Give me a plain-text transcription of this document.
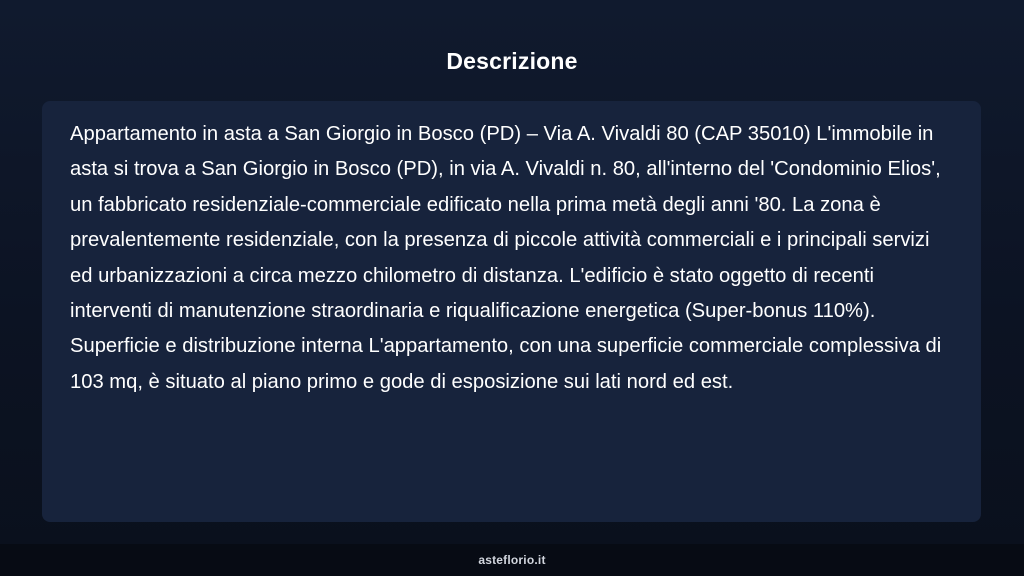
Descrizione

Appartamento in asta a San Giorgio in Bosco (PD) – Via A. Vivaldi 80 (CAP 35010) L'immobile in asta si trova a San Giorgio in Bosco (PD), in via A. Vivaldi n. 80, all'interno del 'Condominio Elios', un fabbricato residenziale-commerciale edificato nella prima metà degli anni '80. La zona è prevalentemente residenziale, con la presenza di piccole attività commerciali e i principali servizi ed urbanizzazioni a circa mezzo chilometro di distanza. L'edificio è stato oggetto di recenti interventi di manutenzione straordinaria e riqualificazione energetica (Super-bonus 110%). Superficie e distribuzione interna L'appartamento, con una superficie commerciale complessiva di 103 mq, è situato al piano primo e gode di esposizione sui lati nord ed est.

asteflorio.it
